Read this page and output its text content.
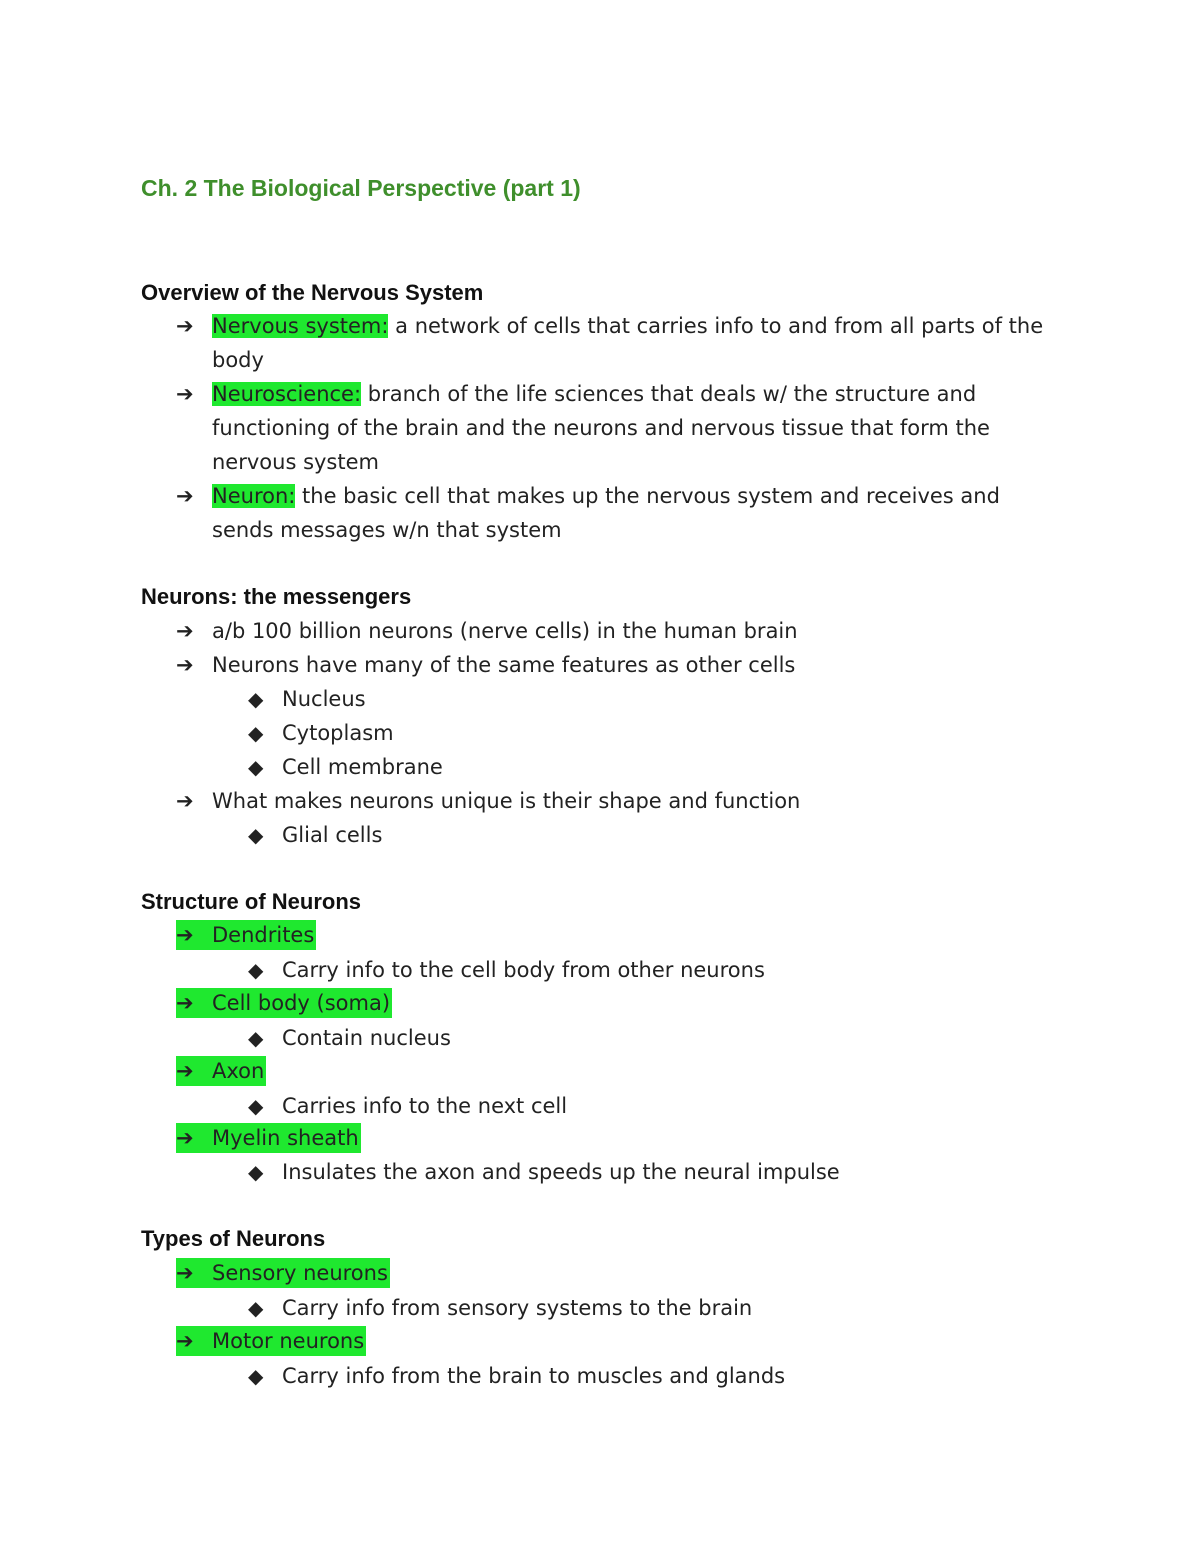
Ch. 2 The Biological Perspective (part 1)
Overview of the Nervous System
➔ Nervous system: a network of cells that carries info to and from all parts of the body
➔ Neuroscience: branch of the life sciences that deals w/ the structure and functioning of the brain and the neurons and nervous tissue that form the nervous system
➔ Neuron: the basic cell that makes up the nervous system and receives and sends messages w/n that system
Neurons: the messengers
➔ a/b 100 billion neurons (nerve cells) in the human brain
➔ Neurons have many of the same features as other cells
◆ Nucleus
◆ Cytoplasm
◆ Cell membrane
➔ What makes neurons unique is their shape and function
◆ Glial cells
Structure of Neurons
➔ Dendrites
◆ Carry info to the cell body from other neurons
➔ Cell body (soma)
◆ Contain nucleus
➔ Axon
◆ Carries info to the next cell
➔ Myelin sheath
◆ Insulates the axon and speeds up the neural impulse
Types of Neurons
➔ Sensory neurons
◆ Carry info from sensory systems to the brain
➔ Motor neurons
◆ Carry info from the brain to muscles and glands
